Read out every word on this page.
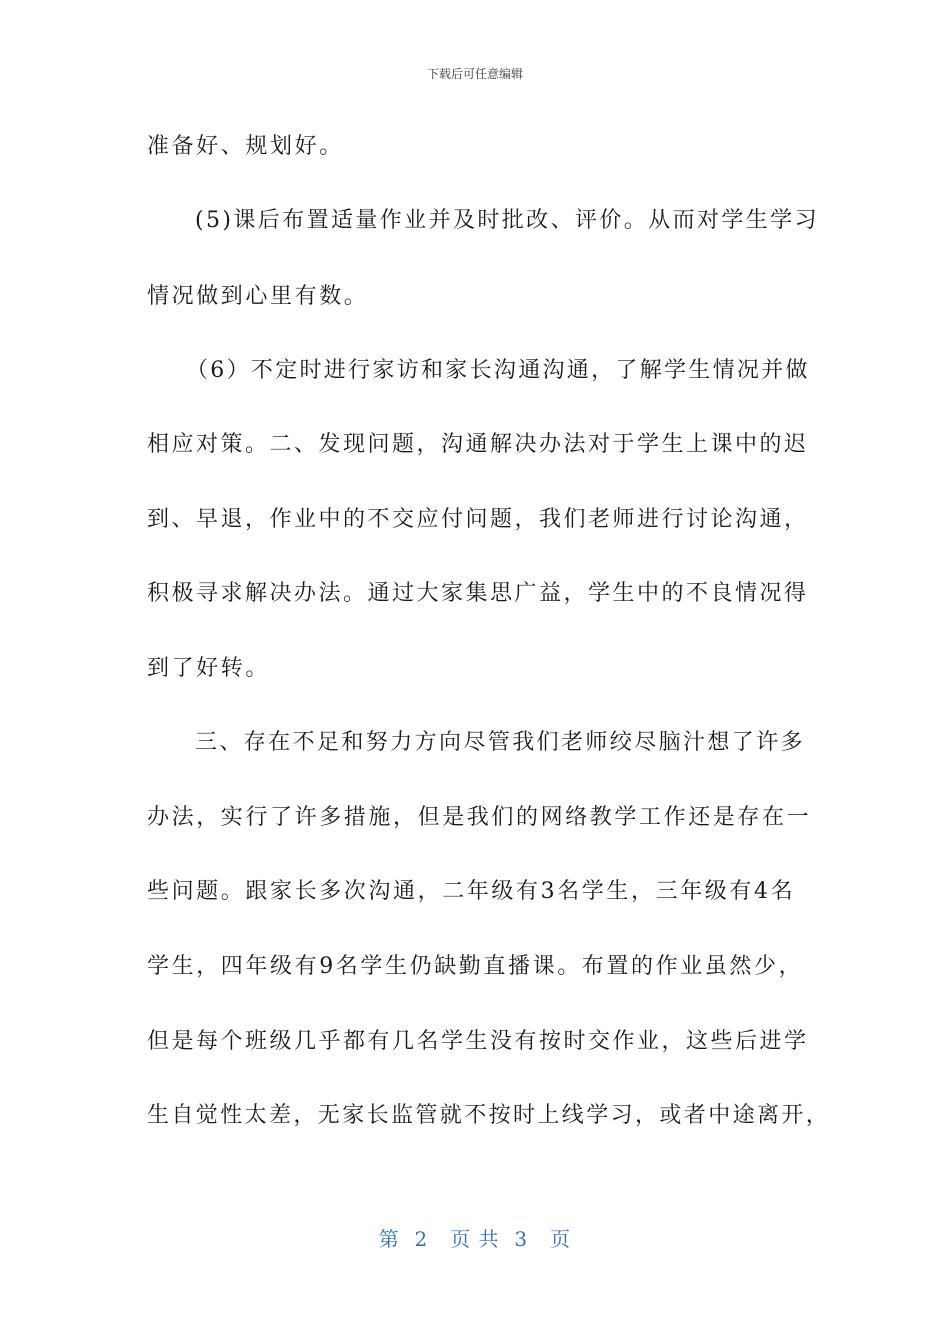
下载后可任意编辑
准备好、规划好。
(5)课后布置适量作业并及时批改、评价。从而对学生学习
情况做到心里有数。
（6）不定时进行家访和家长沟通沟通，了解学生情况并做
相应对策。二、发现问题，沟通解决办法对于学生上课中的迟
到、早退，作业中的不交应付问题，我们老师进行讨论沟通，
积极寻求解决办法。通过大家集思广益，学生中的不良情况得
到了好转。
三、存在不足和努力方向尽管我们老师绞尽脑汁想了许多
办法，实行了许多措施，但是我们的网络教学工作还是存在一
些问题。跟家长多次沟通，二年级有3名学生，三年级有4名
学生，四年级有9名学生仍缺勤直播课。布置的作业虽然少，
但是每个班级几乎都有几名学生没有按时交作业，这些后进学
生自觉性太差，无家长监管就不按时上线学习，或者中途离开，
第  2   页 共  3   页
